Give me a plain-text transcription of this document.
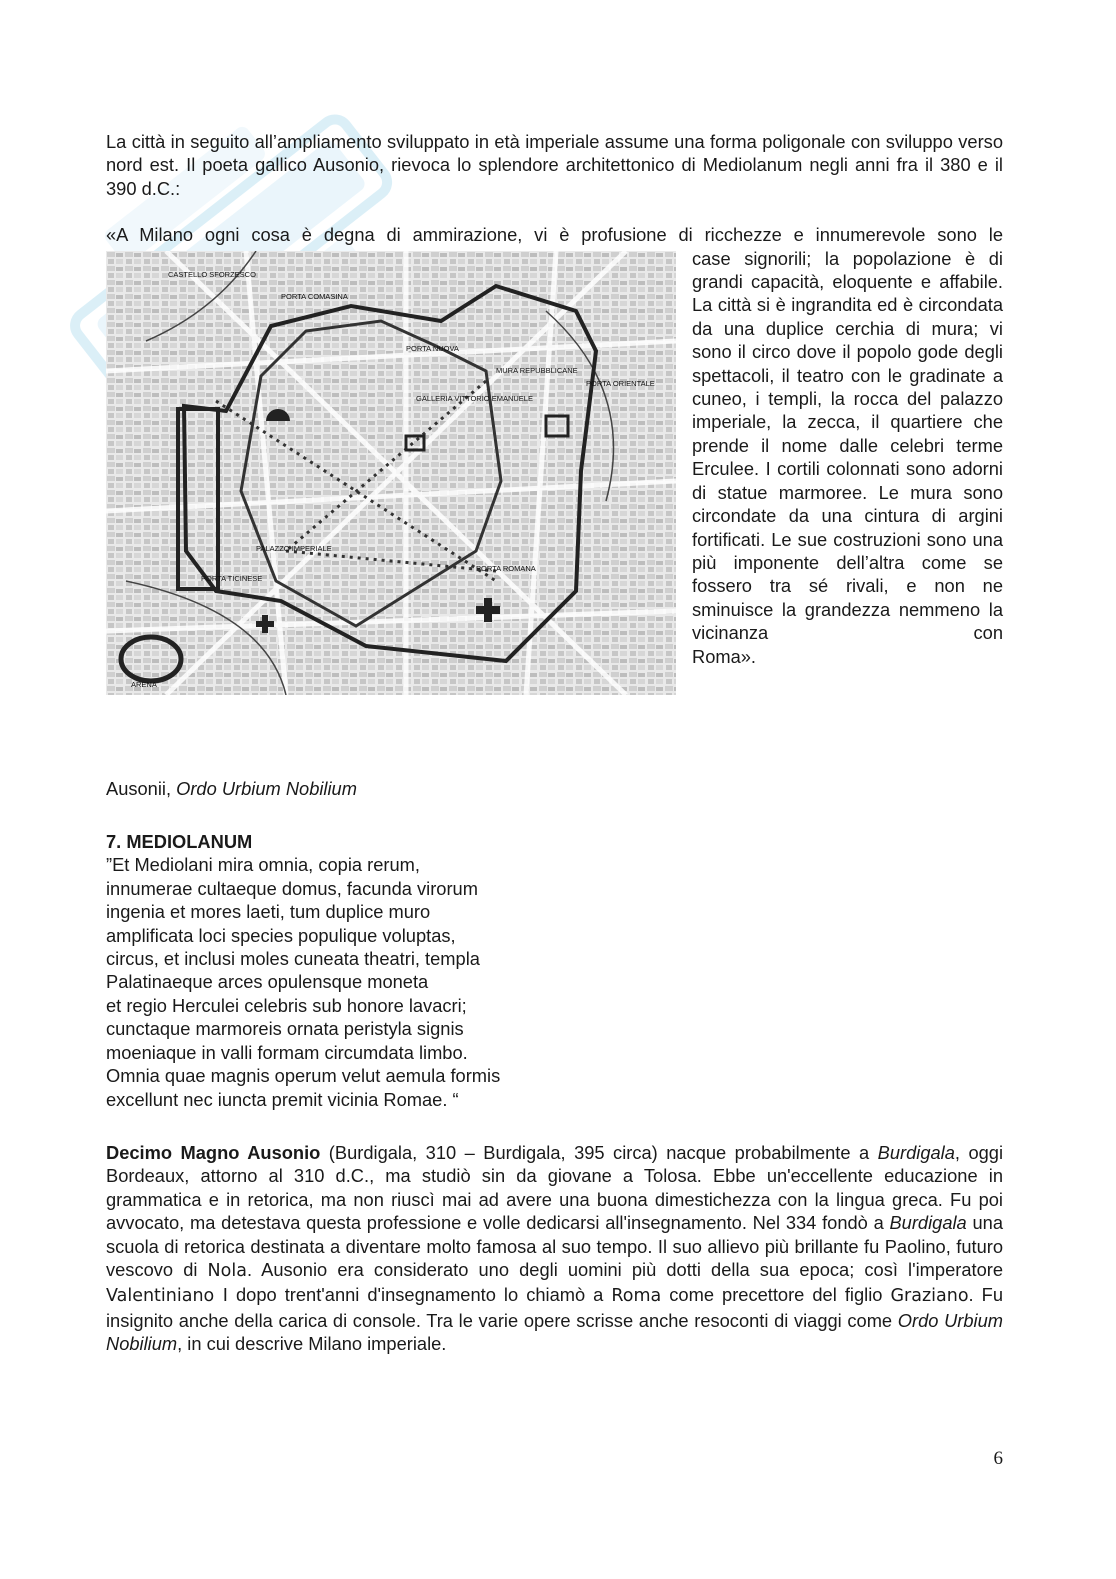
La città in seguito all’ampliamento sviluppato in età imperiale assume una forma poligonale con sviluppo verso nord est. Il poeta gallico Ausonio, rievoca lo splendore architettonico di Mediolanum negli anni fra il 380 e il 390 d.C.:

«A Milano ogni cosa è degna di ammirazione, vi è profusione di ricchezze e innumerevole sono le

CASTELLO SFORZESCO
PORTA COMASINA
PORTA NUOVA
PORTA ORIENTALE
GALLERIA VITTORIO EMANUELE
PALAZZO IMPERIALE
PORTA TICINESE
PORTA ROMANA
MURA REPUBBLICANE
ARENA

case signorili; la popolazione è di grandi capacità, eloquente e affabile. La città si è ingrandita ed è circondata da una duplice cerchia di mura; vi sono il circo dove il popolo gode degli spettacoli, il teatro con le gradinate a cuneo, i templi, la rocca del palazzo imperiale, la zecca, il quartiere che prende il nome dalle celebri terme Erculee. I cortili colonnati sono adorni di statue marmoree. Le mura sono circondate da una cintura di argini fortificati. Le sue costruzioni sono una più imponente dell’altra come se fossero tra sé rivali, e non ne sminuisce la grandezza nemmeno la vicinanza con
Roma».

Ausonii, Ordo Urbium Nobilium

7. MEDIOLANUM

”Et Mediolani mira omnia, copia rerum,

innumerae cultaeque domus, facunda virorum

ingenia et mores laeti, tum duplice muro

amplificata loci species populique voluptas,

circus, et inclusi moles cuneata theatri, templa

Palatinaeque arces opulensque moneta

et regio Herculei celebris sub honore lavacri;

cunctaque marmoreis ornata peristyla signis

moeniaque in valli formam circumdata limbo.

Omnia quae magnis operum velut aemula formis

excellunt nec iuncta premit vicinia Romae. “

Decimo Magno Ausonio (Burdigala, 310 – Burdigala, 395 circa) nacque probabilmente a Burdigala, oggi Bordeaux, attorno al 310 d.C., ma studiò sin da giovane a Tolosa. Ebbe un'eccellente educazione in grammatica e in retorica, ma non riuscì mai ad avere una buona dimestichezza con la lingua greca. Fu poi avvocato, ma detestava questa professione e volle dedicarsi all'insegnamento. Nel 334 fondò a Burdigala una scuola di retorica destinata a diventare molto famosa al suo tempo. Il suo allievo più brillante fu Paolino, futuro vescovo di Nola. Ausonio era considerato uno degli uomini più dotti della sua epoca; così l'imperatore Valentiniano I dopo trent'anni d'insegnamento lo chiamò a Roma come precettore del figlio Graziano. Fu insignito anche della carica di console. Tra le varie opere scrisse anche resoconti di viaggi come Ordo Urbium Nobilium, in cui descrive Milano imperiale.

6
